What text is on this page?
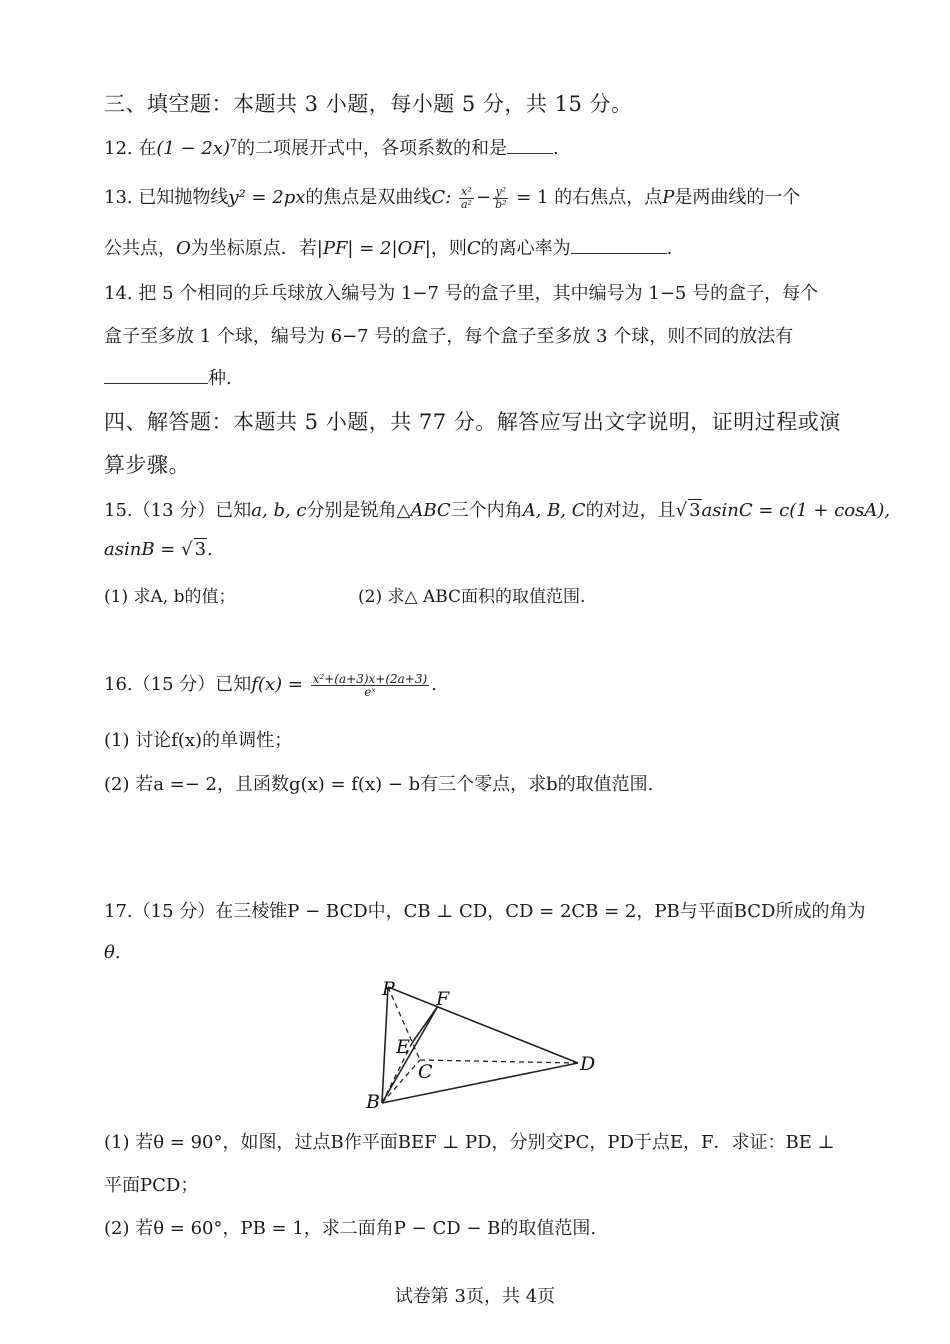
三、填空题：本题共 3 小题，每小题 5 分，共 15 分。
12. 在$(1 - 2x)^7$的二项展开式中，各项系数的和是	.
13. 已知抛物线y² = 2px的焦点是双曲线C: $\frac{\text{x²}}{\text{a²}} - \frac{\text{y²}}{\text{b²}} = 1$ 的右焦点，点P是两曲线的一个
公共点，O为坐标原点．若|PF| = 2|OF|，则C的离心率为	.
14. 把 5 个相同的乒乓球放入编号为 1−7 号的盒子里，其中编号为 1−5 号的盒子，每个
盒子至多放 1 个球，编号为 6−7 号的盒子，每个盒子至多放 3 个球，则不同的放法有
种.
四、解答题：本题共 5 小题，共 77 分。解答应写出文字说明，证明过程或演
算步骤。
15.（13 分）已知a, b, c分别是锐角△ABC三个内角A, B, C的对边，且√ 3asinC = c(1 + cosA),
asinB = √ 3.
(1) 求A, b的值；	(2) 求△ ABC面积的取值范围.
16.（15 分）已知$f(x) = \frac{\text{x²+(a+3)x+(2a+3)}}{\text{eˣ}}$ .
(1) 讨论f(x)的单调性；
(2) 若a =− 2，且函数g(x) = f(x) − b有三个零点，求b的取值范围.
17.（15 分）在三棱锥P − BCD中，CB ⊥ CD，CD = 2CB = 2，PB与平面BCD所成的角为
θ.
P F
E
C	D
B
(1) 若θ = 90°，如图，过点B作平面BEF ⊥ PD，分别交PC，PD于点E，F．求证：BE ⊥
平面PCD；
(2) 若θ = 60°，PB = 1，求二面角P − CD − B的取值范围.
试卷第 3页，共 4页
